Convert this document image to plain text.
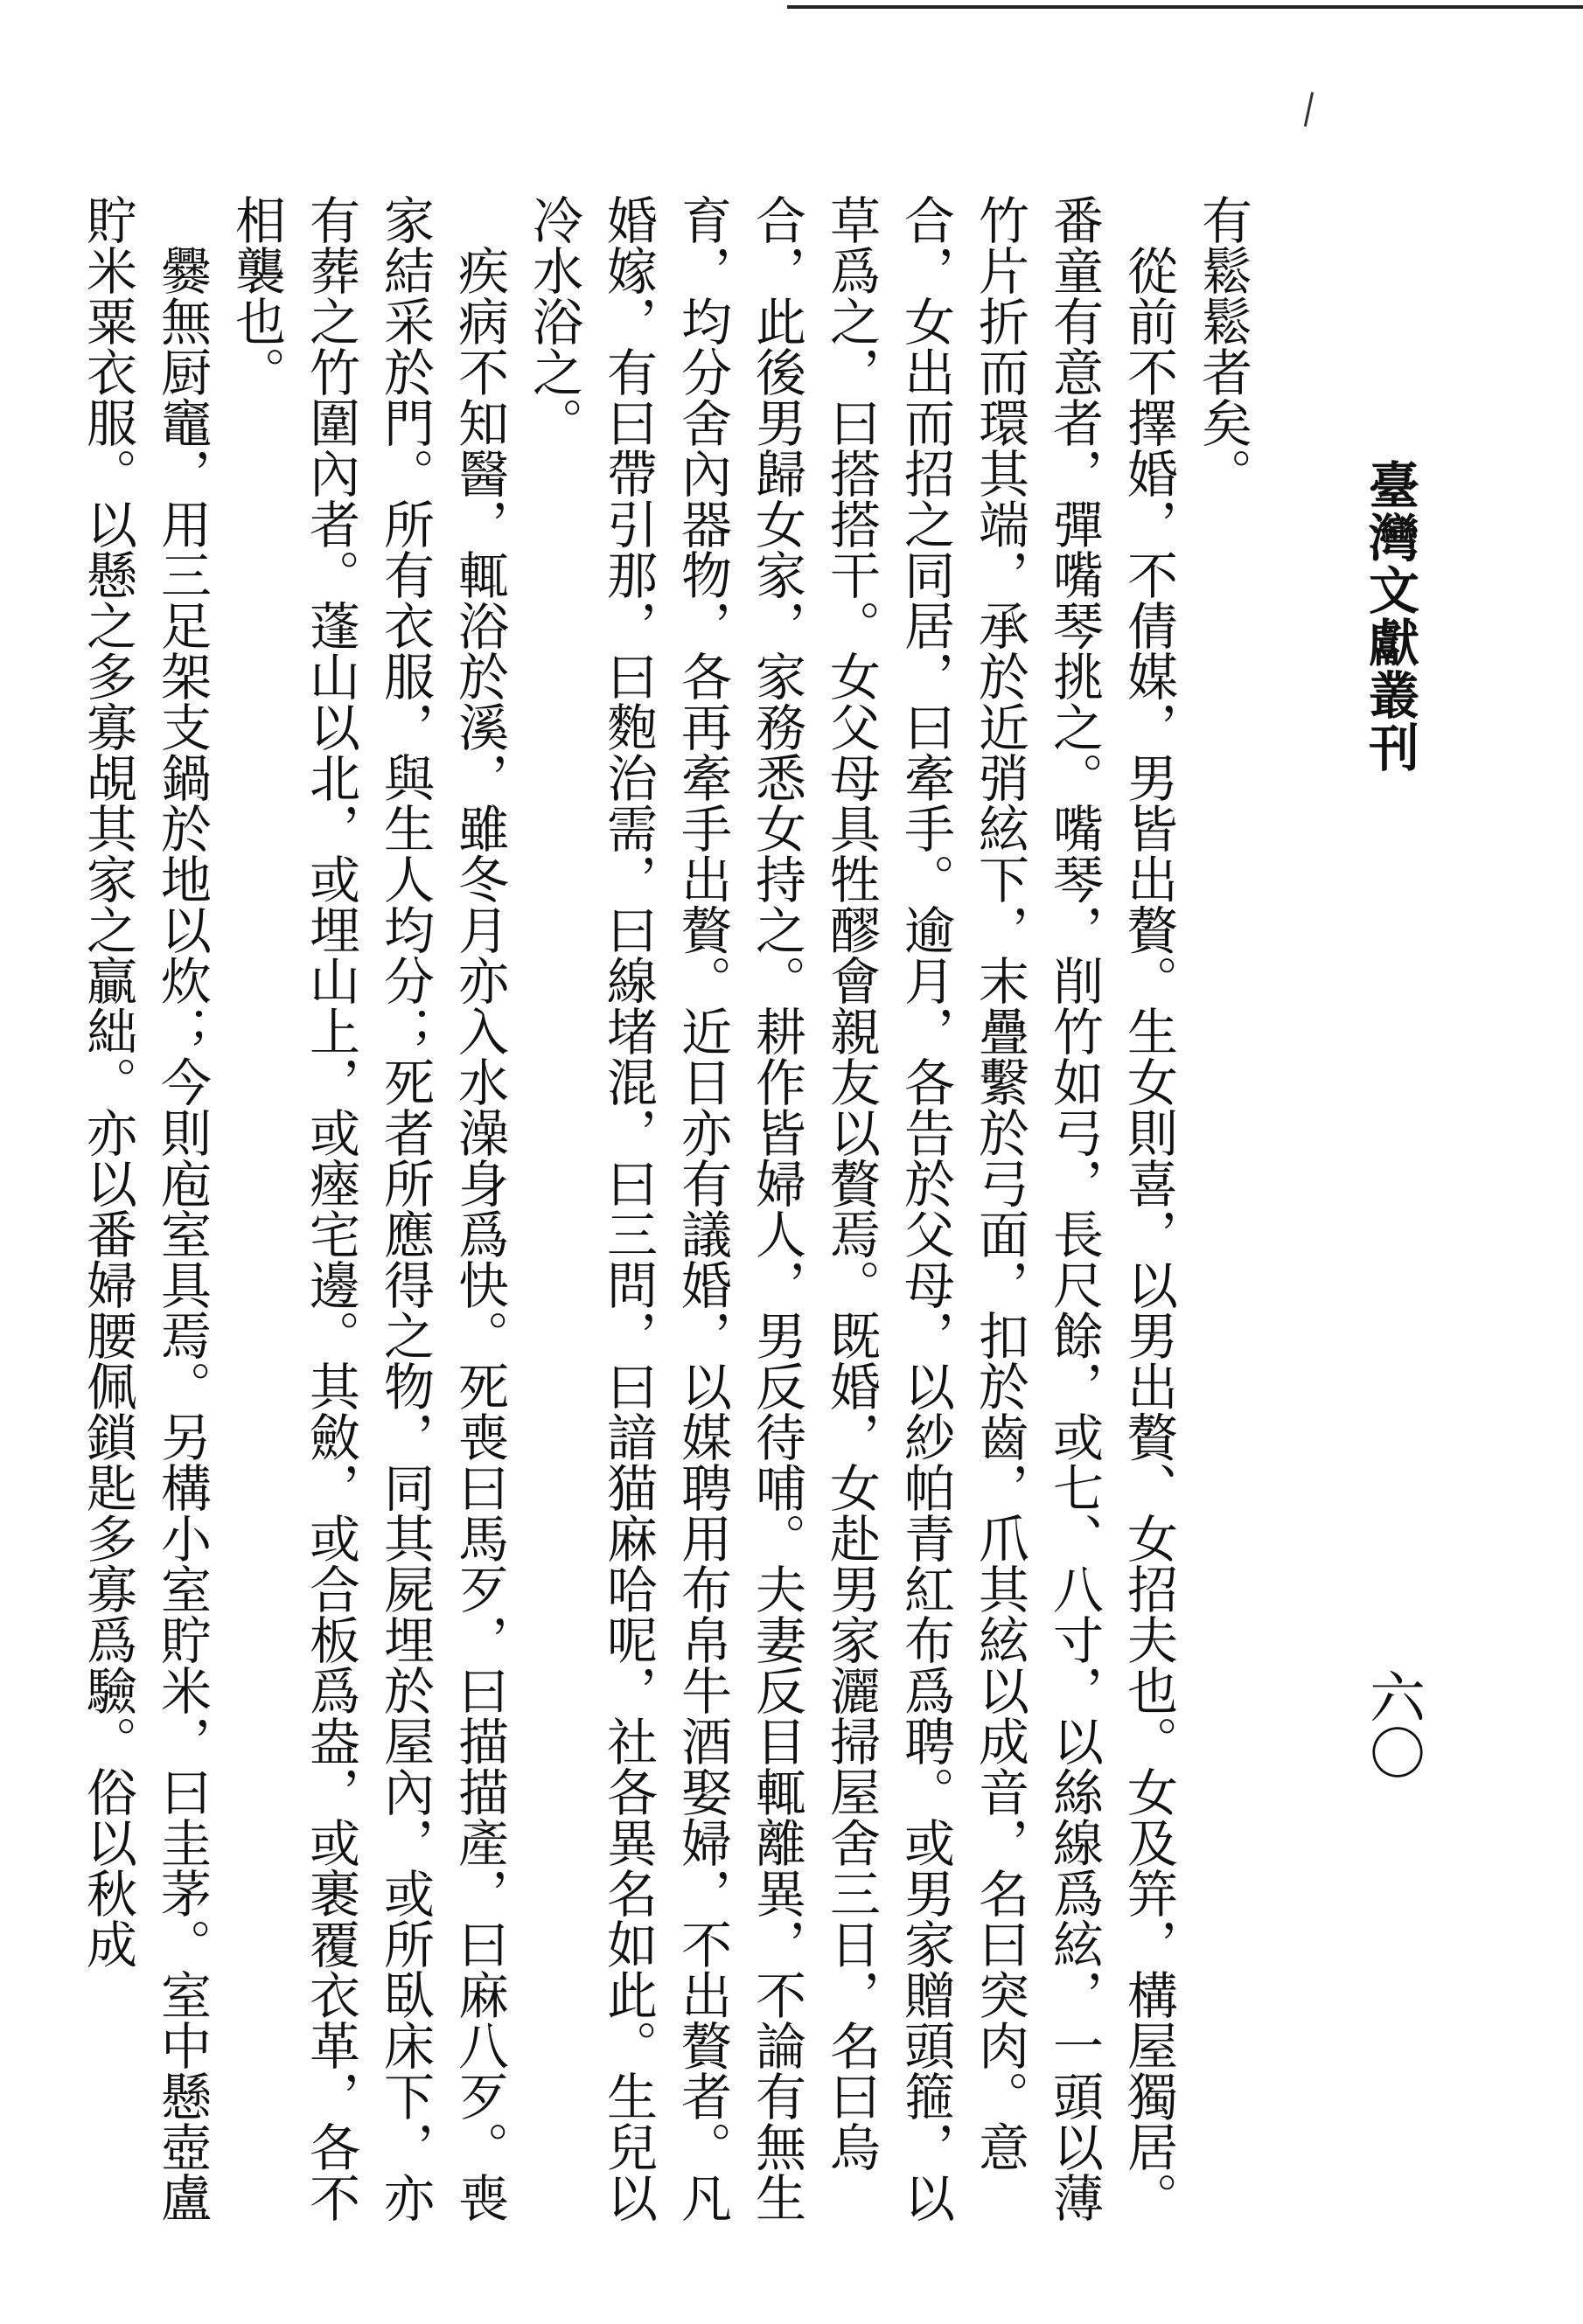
臺灣文獻叢刊
六〇

有鬆鬆者矣。

從前不擇婚，不倩媒，男皆出贅。生女則喜，以男出贅、女招夫也。女及笄，構屋獨居。番童有意者，彈嘴琴挑之。嘴琴，削竹如弓，長尺餘，或七、八寸，以絲線爲絃，一頭以薄竹片折而環其端，承於近弰絃下，末疊繫於弓面，扣於齒，爪其絃以成音，名曰突肉。意合，女出而招之同居，曰牽手。逾月，各告於父母，以紗帕青紅布爲聘。或男家贈頭箍，以草爲之，曰搭搭干。女父母具牲醪會親友以贅焉。既婚，女赴男家灑掃屋舍三日，名曰烏合，此後男歸女家，家務悉女持之。耕作皆婦人，男反待哺。夫妻反目輒離異，不論有無生育，均分舍內器物，各再牽手出贅。近日亦有議婚，以媒聘用布帛牛酒娶婦，不出贅者。凡婚嫁，有曰帶引那，曰麭治需，曰線堵混，曰三問，曰諳猫麻哈呢，社各異名如此。生兒以冷水浴之。

疾病不知醫，輒浴於溪，雖冬月亦入水澡身爲快。死喪曰馬歹，曰描描產，曰麻八歹。喪家結采於門。所有衣服，與生人均分；死者所應得之物，同其屍埋於屋內，或所臥床下，亦有葬之竹圍內者。蓬山以北，或埋山上，或瘞宅邊。其斂，或合板爲盎，或裹覆衣革，各不相襲也。

爨無厨竈，用三足架支鍋於地以炊；今則庖室具焉。另構小室貯米，曰圭茅。室中懸壺盧貯米粟衣服。以懸之多寡覘其家之贏絀。亦以番婦腰佩鎖匙多寡爲驗。俗以秋成
